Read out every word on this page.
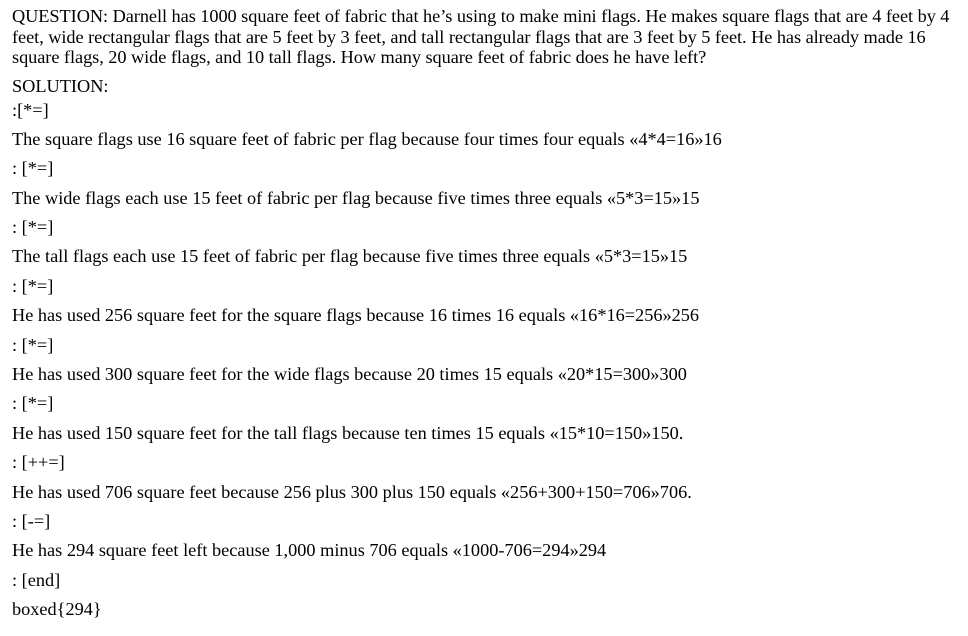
QUESTION: Darnell has 1000 square feet of fabric that he’s using to make mini flags. He makes square flags that are 4 feet by 4 feet, wide rectangular flags that are 5 feet by 3 feet, and tall rectangular flags that are 3 feet by 5 feet. He has already made 16 square flags, 20 wide flags, and 10 tall flags. How many square feet of fabric does he have left?

SOLUTION:

:[*=]
The square flags use 16 square feet of fabric per flag because four times four equals «4*4=16»16
: [*=]
The wide flags each use 15 feet of fabric per flag because five times three equals «5*3=15»15
: [*=]
The tall flags each use 15 feet of fabric per flag because five times three equals «5*3=15»15
: [*=]
He has used 256 square feet for the square flags because 16 times 16 equals «16*16=256»256
: [*=]
He has used 300 square feet for the wide flags because 20 times 15 equals «20*15=300»300
: [*=]
He has used 150 square feet for the tall flags because ten times 15 equals «15*10=150»150.
: [++=]
He has used 706 square feet because 256 plus 300 plus 150 equals «256+300+150=706»706.
: [-=]
He has 294 square feet left because 1,000 minus 706 equals «1000-706=294»294
: [end]
boxed{294}
